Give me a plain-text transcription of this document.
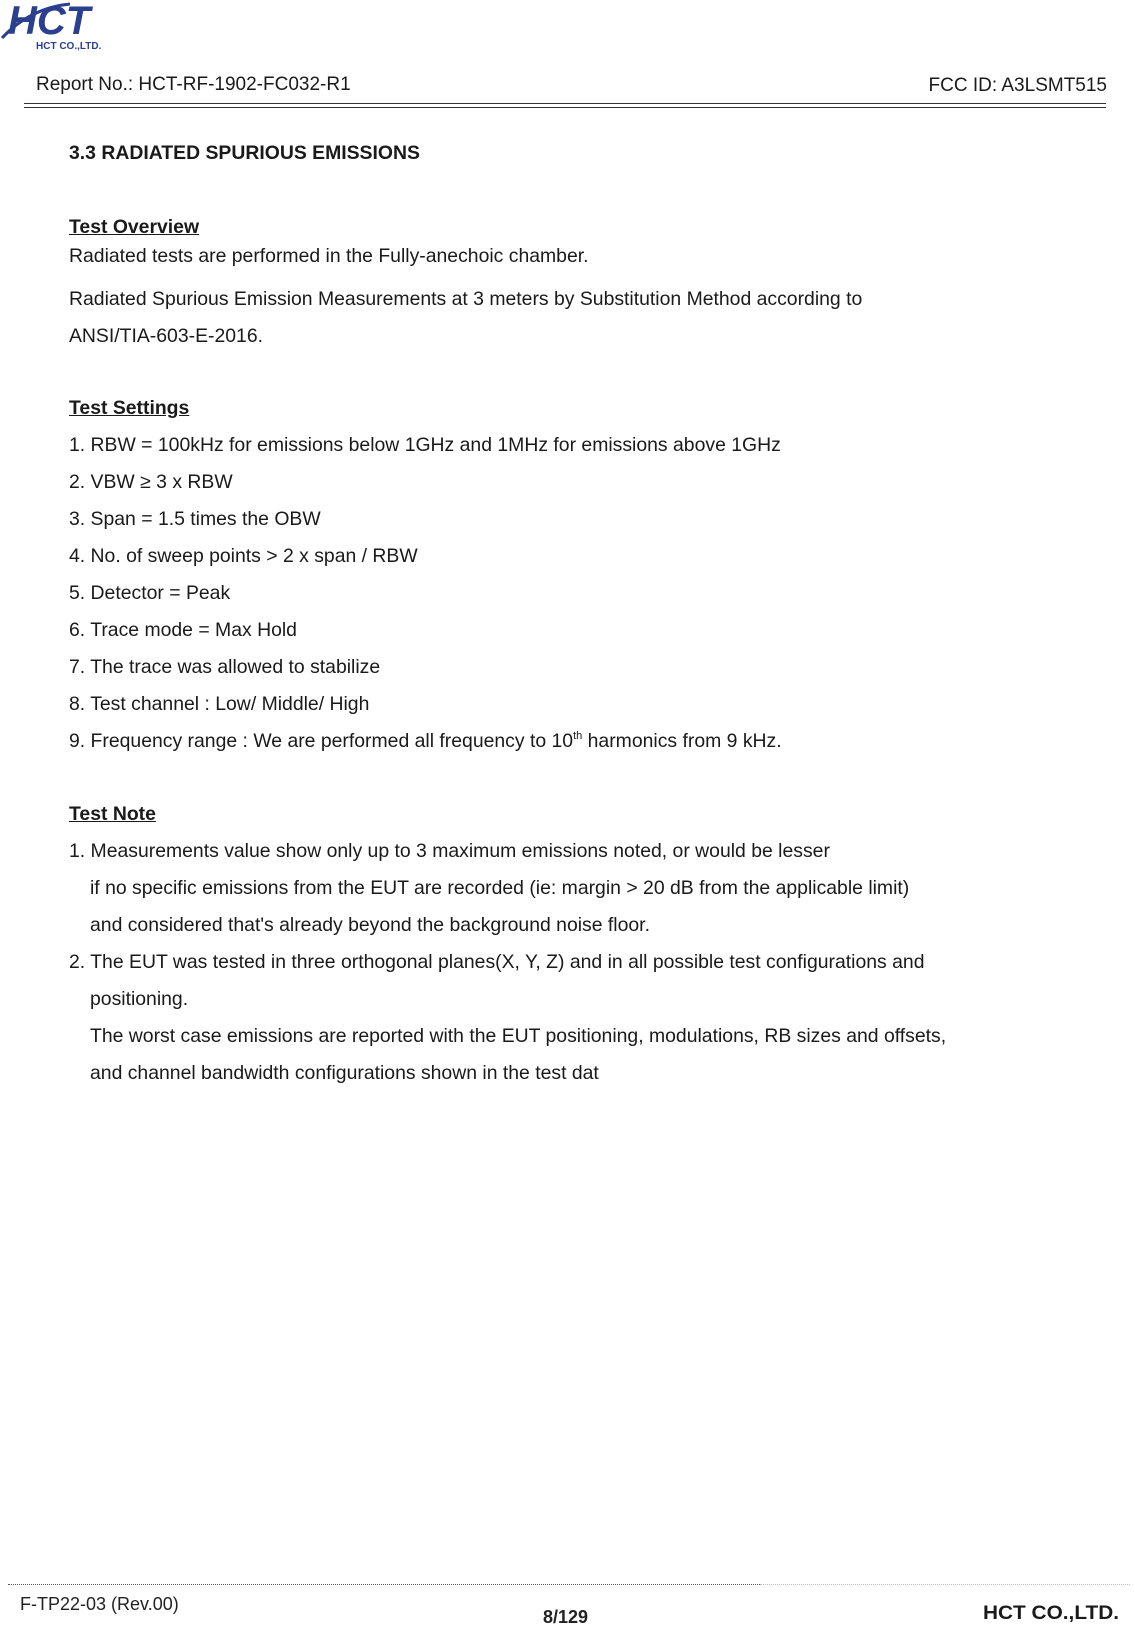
HCT
HCT CO.,LTD.
Report No.: HCT-RF-1902-FC032-R1	FCC ID: A3LSMT515
3.3 RADIATED SPURIOUS EMISSIONS
Test Overview
Radiated tests are performed in the Fully-anechoic chamber.
Radiated Spurious Emission Measurements at 3 meters by Substitution Method according to
ANSI/TIA-603-E-2016.
Test Settings
1. RBW = 100kHz for emissions below 1GHz and 1MHz for emissions above 1GHz
2. VBW ≥ 3 x RBW
3. Span = 1.5 times the OBW
4. No. of sweep points > 2 x span / RBW
5. Detector = Peak
6. Trace mode = Max Hold
7. The trace was allowed to stabilize
8. Test channel : Low/ Middle/ High
9. Frequency range : We are performed all frequency to 10th harmonics from 9 kHz.
Test Note
1. Measurements value show only up to 3 maximum emissions noted, or would be lesser
if no specific emissions from the EUT are recorded (ie: margin > 20 dB from the applicable limit)
and considered that's already beyond the background noise floor.
2. The EUT was tested in three orthogonal planes(X, Y, Z) and in all possible test configurations and
positioning.
The worst case emissions are reported with the EUT positioning, modulations, RB sizes and offsets,
and channel bandwidth configurations shown in the test dat
F-TP22-03 (Rev.00)
8/129	HCT CO.,LTD.
